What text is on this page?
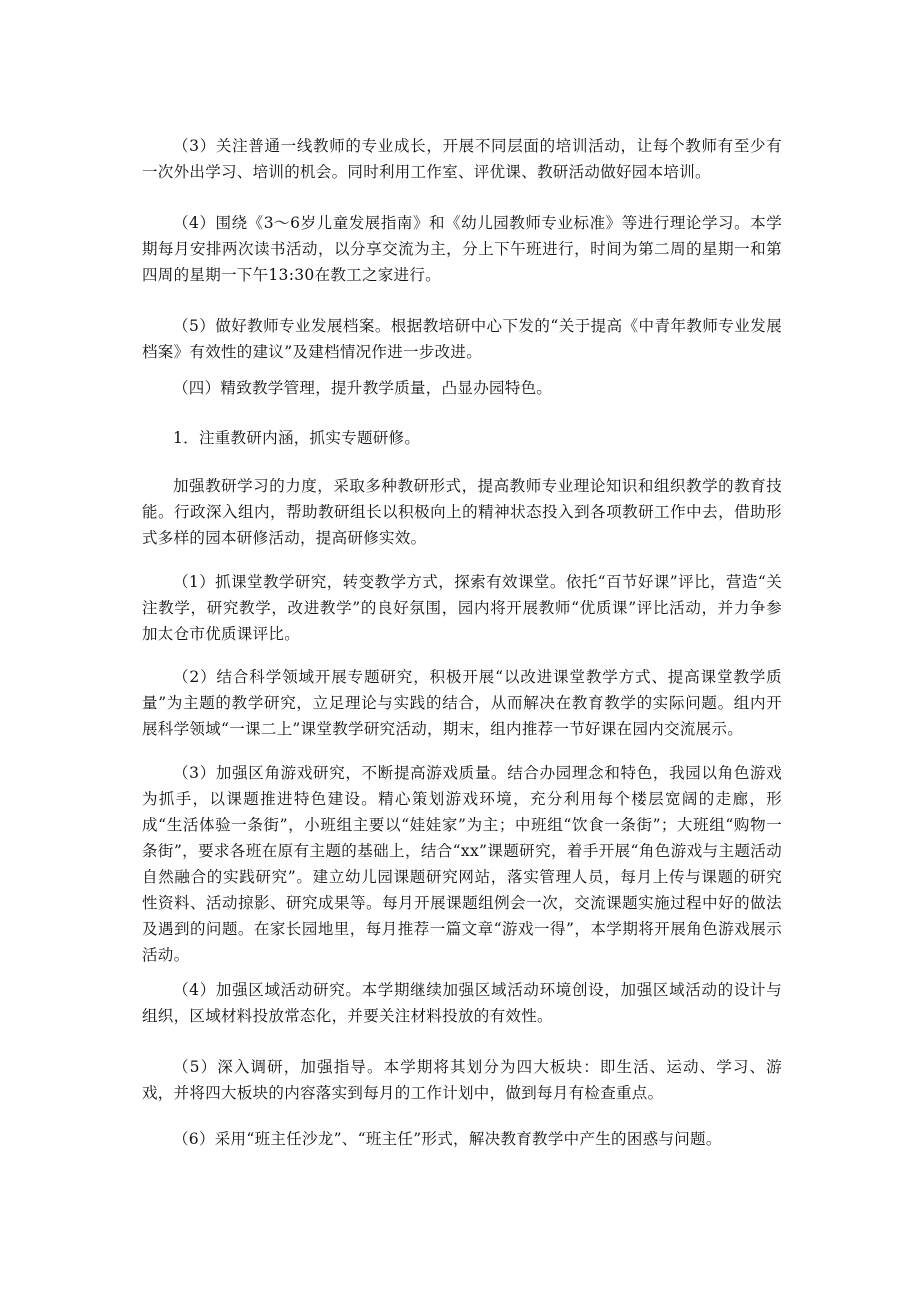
（3）关注普通一线教师的专业成长，开展不同层面的培训活动，让每个教师有至少有一次外出学习、培训的机会。同时利用工作室、评优课、教研活动做好园本培训。

（4）围绕《3～6岁儿童发展指南》和《幼儿园教师专业标准》等进行理论学习。本学期每月安排两次读书活动，以分享交流为主，分上下午班进行，时间为第二周的星期一和第四周的星期一下午13:30在教工之家进行。

（5）做好教师专业发展档案。根据教培研中心下发的“关于提高《中青年教师专业发展档案》有效性的建议”及建档情况作进一步改进。

（四）精致教学管理，提升教学质量，凸显办园特色。

1．注重教研内涵，抓实专题研修。

加强教研学习的力度，采取多种教研形式，提高教师专业理论知识和组织教学的教育技能。行政深入组内，帮助教研组长以积极向上的精神状态投入到各项教研工作中去，借助形式多样的园本研修活动，提高研修实效。

（1）抓课堂教学研究，转变教学方式，探索有效课堂。依托“百节好课”评比，营造“关注教学，研究教学，改进教学”的良好氛围，园内将开展教师“优质课”评比活动，并力争参加太仓市优质课评比。

（2）结合科学领域开展专题研究，积极开展“以改进课堂教学方式、提高课堂教学质量”为主题的教学研究，立足理论与实践的结合，从而解决在教育教学的实际问题。组内开展科学领域“一课二上”课堂教学研究活动，期末，组内推荐一节好课在园内交流展示。

（3）加强区角游戏研究，不断提高游戏质量。结合办园理念和特色，我园以角色游戏为抓手，以课题推进特色建设。精心策划游戏环境，充分利用每个楼层宽阔的走廊，形成“生活体验一条街”，小班组主要以“娃娃家”为主；中班组“饮食一条街”；大班组“购物一条街”，要求各班在原有主题的基础上，结合“xx”课题研究，着手开展“角色游戏与主题活动自然融合的实践研究”。建立幼儿园课题研究网站，落实管理人员，每月上传与课题的研究性资料、活动掠影、研究成果等。每月开展课题组例会一次，交流课题实施过程中好的做法及遇到的问题。在家长园地里，每月推荐一篇文章“游戏一得”，本学期将开展角色游戏展示活动。

（4）加强区域活动研究。本学期继续加强区域活动环境创设，加强区域活动的设计与组织，区域材料投放常态化，并要关注材料投放的有效性。

（5）深入调研，加强指导。本学期将其划分为四大板块：即生活、运动、学习、游戏，并将四大板块的内容落实到每月的工作计划中，做到每月有检查重点。

（6）采用“班主任沙龙”、“班主任”形式，解决教育教学中产生的困惑与问题。
